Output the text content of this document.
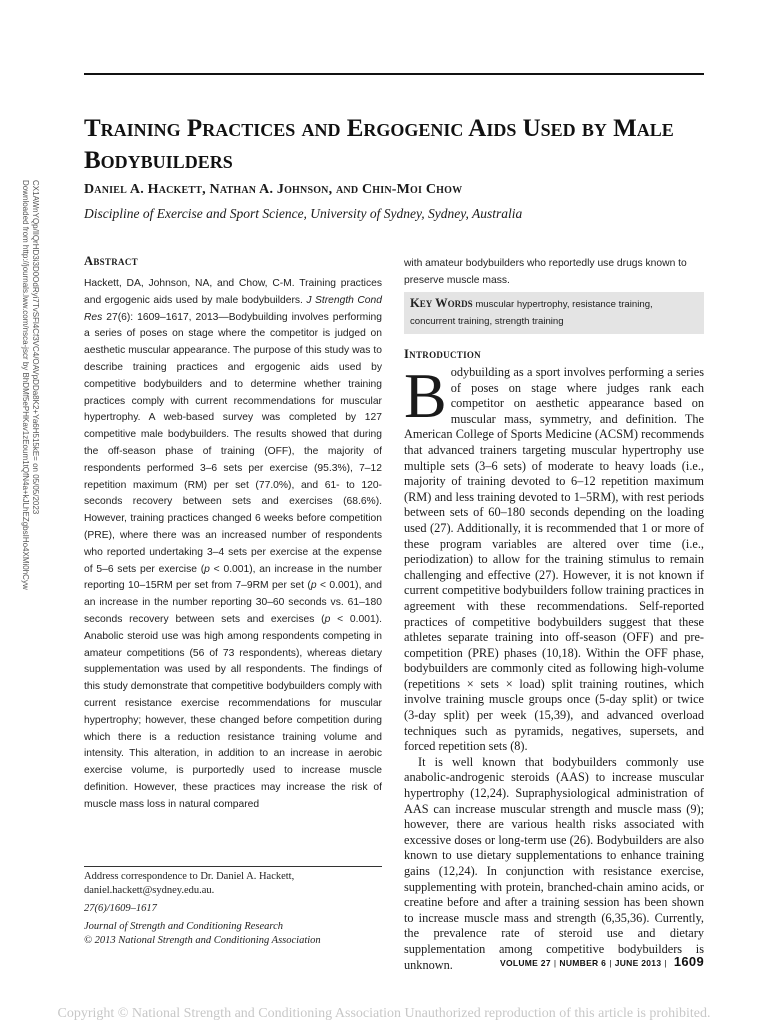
Training Practices and Ergogenic Aids Used by Male Bodybuilders
Daniel A. Hackett, Nathan A. Johnson, and Chin-Moi Chow
Discipline of Exercise and Sport Science, University of Sydney, Sydney, Australia
Downloaded from http://journals.lww.com/nsca-jscr by BhDMf5ePHKav1zEoum1tQfN4a+kJLhEZgbsIHo4XMi0hCyw CX1AWnYQp/IlQrHD3i3D0OdRyi7TvSFl4Cf3VC4/OAVpDDa8K2+Ya6H515kE= on 05/05/2023	Abstract

Hackett, DA, Johnson, NA, and Chow, C-M. Training practices and ergogenic aids used by male bodybuilders. J Strength Cond Res 27(6): 1609–1617, 2013—Bodybuilding involves performing a series of poses on stage where the competitor is judged on aesthetic muscular appearance. The purpose of this study was to describe training practices and ergogenic aids used by competitive bodybuilders and to determine whether training practices comply with current recommendations for muscular hypertrophy. A web-based survey was completed by 127 competitive male bodybuilders. The results showed that during the off-season phase of training (OFF), the majority of respondents performed 3–6 sets per exercise (95.3%), 7–12 repetition maximum (RM) per set (77.0%), and 61- to 120-seconds recovery between sets and exercises (68.6%). However, training practices changed 6 weeks before competition (PRE), where there was an increased number of respondents who reported undertaking 3–4 sets per exercise at the expense of 5–6 sets per exercise (p < 0.001), an increase in the number reporting 10–15RM per set from 7–9RM per set (p < 0.001), and an increase in the number reporting 30–60 seconds vs. 61–180 seconds recovery between sets and exercises (p < 0.001). Anabolic steroid use was high among respondents competing in amateur competitions (56 of 73 respondents), whereas dietary supplementation was used by all respondents. The findings of this study demonstrate that competitive bodybuilders comply with current resistance exercise recommendations for muscular hypertrophy; however, these changed before competition during which there is a reduction resistance training volume and intensity. This alteration, in addition to an increase in aerobic exercise volume, is purportedly used to increase muscle definition. However, these practices may increase the risk of muscle mass loss in natural compared

Address correspondence to Dr. Daniel A. Hackett, daniel.hackett@sydney.edu.au.
27(6)/1609–1617
Journal of Strength and Conditioning Research
© 2013 National Strength and Conditioning Association

with amateur bodybuilders who reportedly use drugs known to preserve muscle mass.

Key Words muscular hypertrophy, resistance training, concurrent training, strength training
Introduction

Bodybuilding as a sport involves performing a series of poses on stage where judges rank each competitor on aesthetic appearance based on muscular mass, symmetry, and definition. The American College of Sports Medicine (ACSM) recommends that advanced trainers targeting muscular hypertrophy use multiple sets (3–6 sets) of moderate to heavy loads (i.e., majority of training devoted to 6–12 repetition maximum (RM) and less training devoted to 1–5RM), with rest periods between sets of 60–180 seconds depending on the loading used (27). Additionally, it is recommended that 1 or more of these program variables are altered over time (i.e., periodization) to allow for the training stimulus to remain challenging and effective (27). However, it is not known if current competitive bodybuilders follow training practices in agreement with these recommendations. Self-reported practices of competitive bodybuilders suggest that these athletes separate training into off-season (OFF) and pre-competition (PRE) phases (10,18). Within the OFF phase, bodybuilders are commonly cited as following high-volume (repetitions × sets × load) split training routines, which involve training muscle groups once (5-day split) or twice (3-day split) per week (15,39), and advanced overload techniques such as pyramids, negatives, supersets, and forced repetition sets (8).

It is well known that bodybuilders commonly use anabolic-androgenic steroids (AAS) to increase muscular hypertrophy (12,24). Supraphysiological administration of AAS can increase muscular strength and muscle mass (9); however, there are various health risks associated with excessive doses or long-term use (26). Bodybuilders are also known to use dietary supplementations to enhance training gains (12,24). In conjunction with resistance exercise, supplementing with protein, branched-chain amino acids, or creatine before and after a training session has been shown to increase muscle mass and strength (6,35,36). Currently, the prevalence rate of steroid use and dietary supplementation among competitive bodybuilders is unknown.	VOLUME 27 | NUMBER 6 | JUNE 2013 | 1609
Copyright © National Strength and Conditioning Association Unauthorized reproduction of this article is prohibited.
